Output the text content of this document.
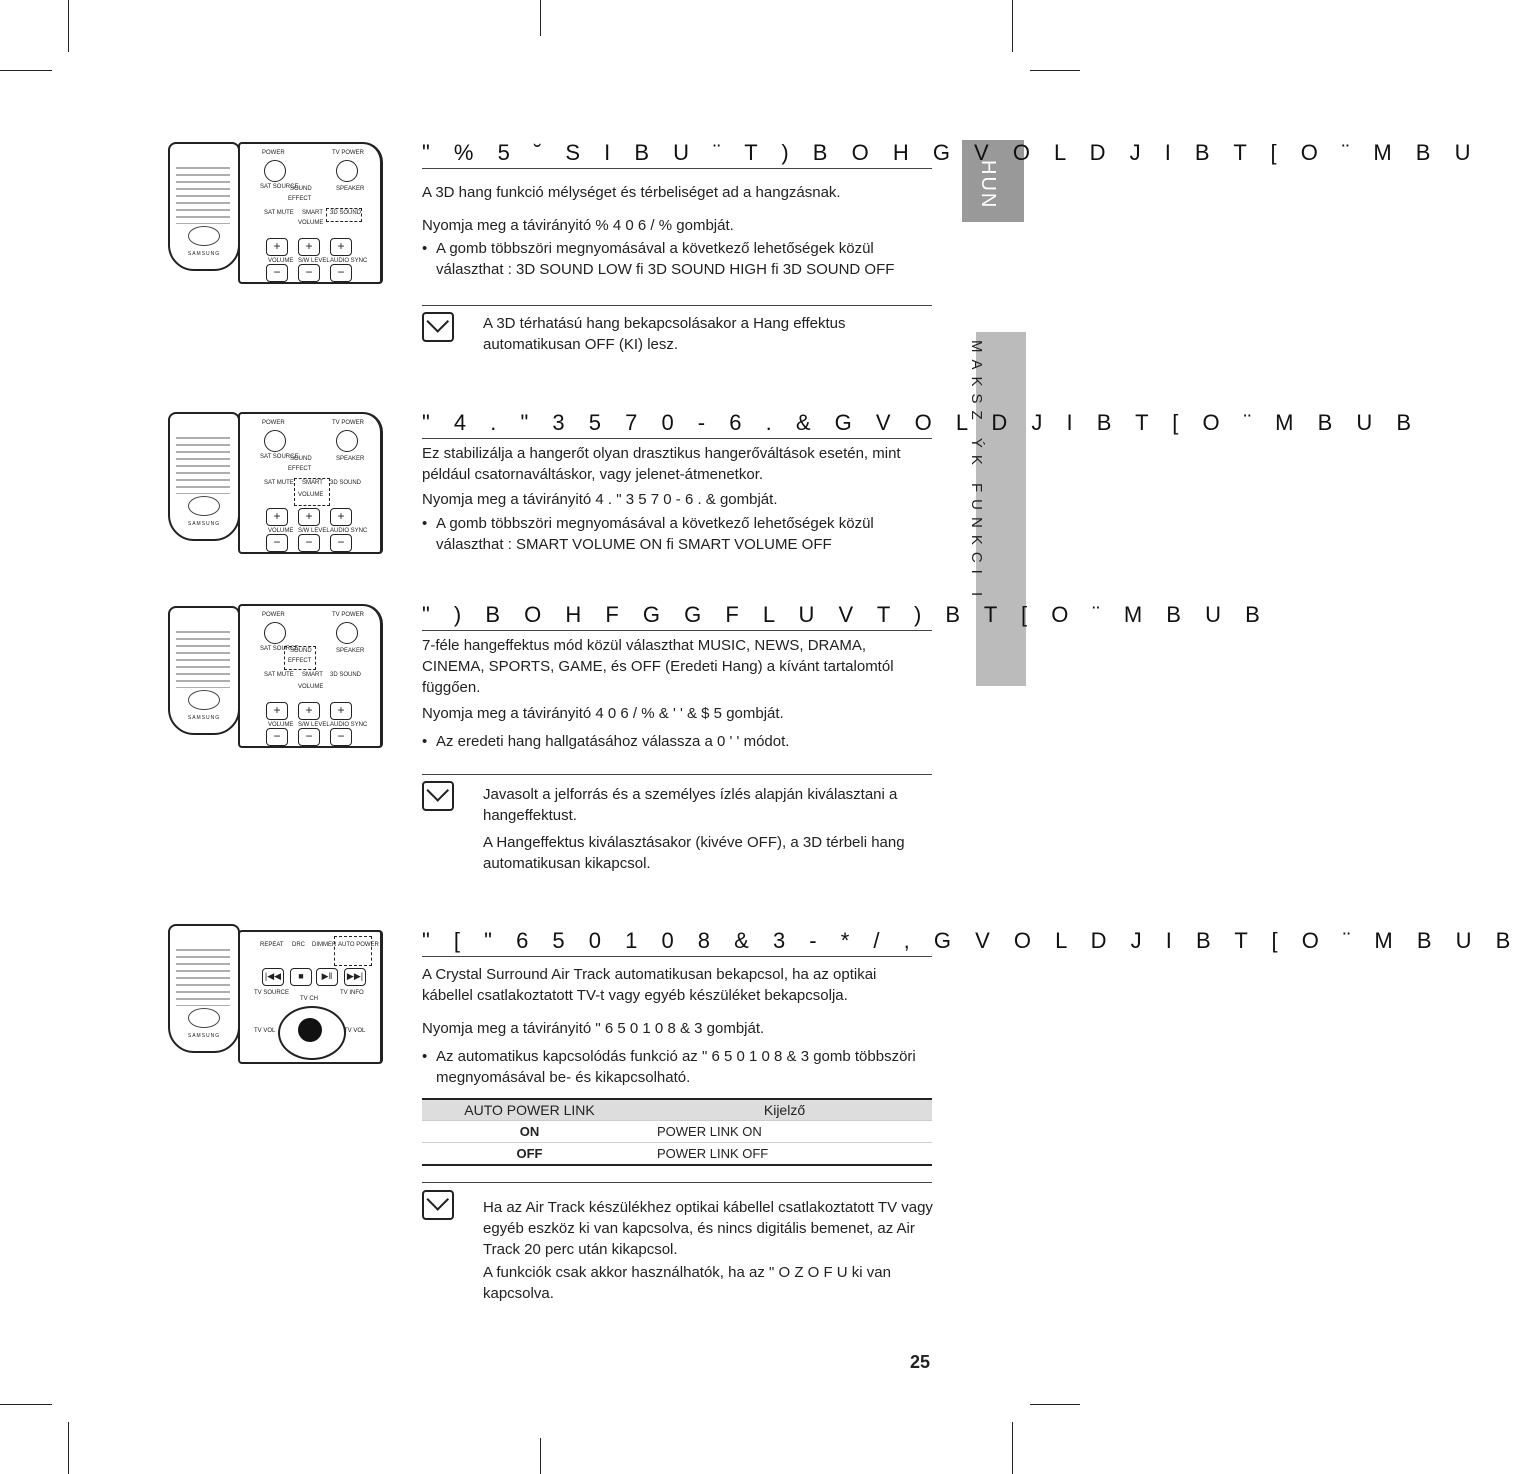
HUN
MAKSZ ÝK FUNKCI I
SAMSUNG
POWER	TV POWER
SAT SOURCE
SOUND	SPEAKER
EFFECT
SAT MUTE SMART 3D SOUND
VOLUME
+	+	+
VOLUME S/W LEVEL AUDIO SYNC
−	−	−
" % 5 ˘ S I B U ¨ T ) B O H G V O L D J I B T [ O ¨ M B U
A 3D hang funkció mélységet és térbeliséget ad a hangzásnak.
Nyomja meg a távirányitó % 4 0 6 / % gombját.
• A gomb többszöri megnyomásával a következő lehetőségek közül választhat : 3D SOUND LOW ﬁ 3D SOUND HIGH ﬁ 3D SOUND OFF
A 3D térhatású hang bekapcsolásakor a Hang effektus automatikusan OFF (KI) lesz.
SAMSUNG
POWER	TV POWER
SAT SOURCE
SOUND	SPEAKER
EFFECT
SAT MUTE SMART 3D SOUND
VOLUME
+	+	+
VOLUME S/W LEVEL AUDIO SYNC
−	−	−
" 4 . " 3 5 7 0 - 6 . & G V O L D J I B T [ O ¨ M B U B
Ez stabilizálja a hangerőt olyan drasztikus hangerőváltások esetén, mint például csatornaváltáskor, vagy jelenet-átmenetkor.
Nyomja meg a távirányitó 4 . " 3 5 7 0 - 6 . & gombját.
• A gomb többszöri megnyomásával a következő lehetőségek közül választhat : SMART VOLUME ON ﬁ SMART VOLUME OFF
SAMSUNG
POWER	TV POWER
SAT SOURCE
SOUND	SPEAKER
EFFECT
SAT MUTE SMART 3D SOUND
VOLUME
+	+	+
VOLUME S/W LEVEL AUDIO SYNC
−	−	−
" ) B O H F G G F L U V T ) B T [ O ¨ M B U B
7-féle hangeffektus mód közül választhat MUSIC, NEWS, DRAMA, CINEMA, SPORTS, GAME, és OFF (Eredeti Hang) a kívánt tartalomtól függően.
Nyomja meg a távirányitó 4 0 6 / % & ' ' & $ 5 gombját.
• Az eredeti hang hallgatásához válassza a 0 ' ' módot.
Javasolt a jelforrás és a személyes ízlés alapján kiválasztani a hangeffektust.
A Hangeffektus kiválasztásakor (kivéve OFF), a 3D térbeli hang automatikusan kikapcsol.
SAMSUNG
REPEAT DRC DIMMER AUTO POWER
|◀◀	■	▶‖	▶▶|
TV SOURCE	TV INFO
TV CH
TV VOL	TV VOL
" [ " 6 5 0 1 0 8 & 3 - * / , G V O L D J I B T [ O ¨ M B U B
A Crystal Surround Air Track automatikusan bekapcsol, ha az optikai kábellel csatlakoztatott TV-t vagy egyéb készüléket bekapcsolja.
Nyomja meg a távirányitó " 6 5 0 1 0 8 & 3 gombját.
• Az automatikus kapcsolódás funkció az " 6 5 0 1 0 8 & 3 gomb többszöri megnyomásával be- és kikapcsolható.
AUTO POWER LINK	Kijelző
ON	POWER LINK ON
OFF	POWER LINK OFF
Ha az Air Track készülékhez optikai kábellel csatlakoztatott TV vagy egyéb eszköz ki van kapcsolva, és nincs digitális bemenet, az Air Track 20 perc után kikapcsol.
A funkciók csak akkor használhatók, ha az " O Z O F U ki van kapcsolva.
25
